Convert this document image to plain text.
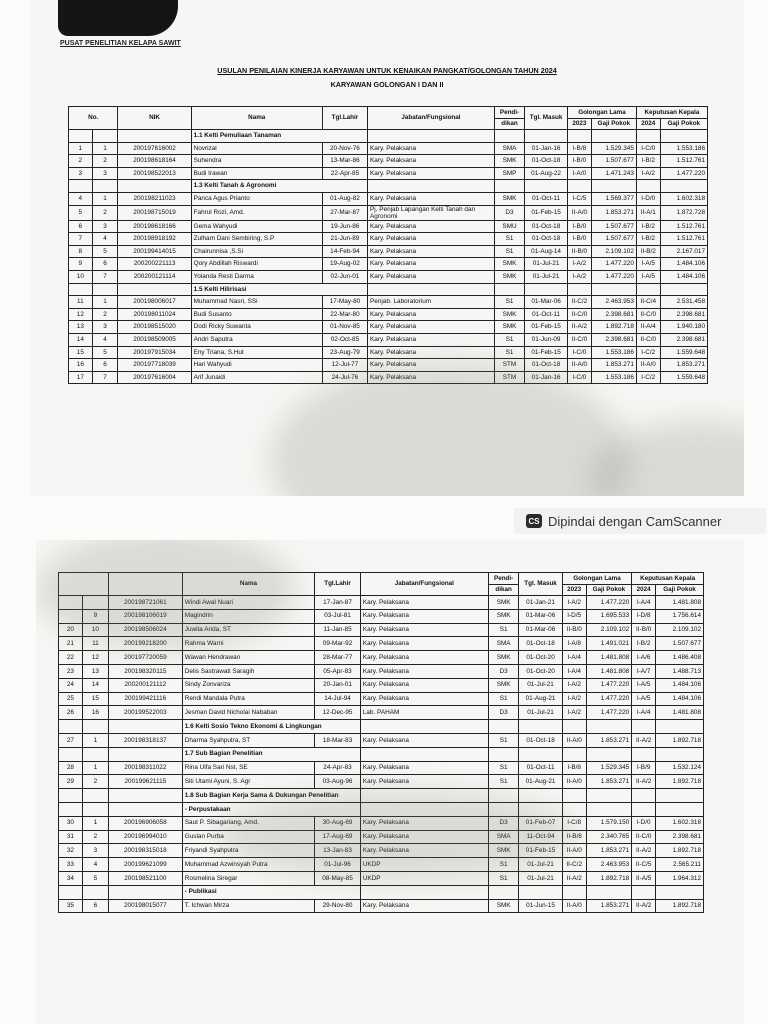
PUSAT PENELITIAN KELAPA SAWIT
USULAN PENILAIAN KINERJA KARYAWAN UNTUK KENAIKAN PANGKAT/GOLONGAN TAHUN 2024
KARYAWAN GOLONGAN I DAN II
No.		NIK	Nama	Tgl.Lahir	Jabatan/Fungsional	Pendi-	Tgl. Masuk	Golongan Lama		Keputusan Kepala	
						dikan		2023	Gaji Pokok	2024	Gaji Pokok
			1.1 Kelti Pemuliaan Tanaman								
1	1	200197616002	Novrizal	20-Nov-76	Kary. Pelaksana	SMA	01-Jan-16	I-B/8	1.529.345	I-C/0	1.553.186
2	2	200198618164	Suhendra	13-Mar-86	Kary. Pelaksana	SMK	01-Oct-18	I-B/0	1.507.677	I-B/2	1.512.761
3	3	200198522013	Budi Irawan	22-Apr-85	Kary. Pelaksana	SMP	01-Aug-22	I-A/0	1.471.243	I-A/2	1.477.220
			1.3 Kelti Tanah & Agronomi								
4	1	200198211023	Panca Agus Prianto	01-Aug-82	Kary. Pelaksana	SMK	01-Oct-11	I-C/5	1.569.377	I-D/0	1.602.318
5	2	200198715019	Fahrul Rozi, Amd.	27-Mar-87	Pj. Penjab Lapangan Kelti Tanah dan Agronomi	D3	01-Feb-15	II-A/0	1.853.271	II-A/1	1.872.728
6	3	200198618166	Gema Wahyudi	19-Jun-86	Kary. Pelaksana	SMU	01-Oct-18	I-B/0	1.507.677	I-B/2	1.512.761
7	4	200198918192	Zulham Dani Sembiring, S.P	21-Jun-89	Kary. Pelaksana	S1	01-Oct-18	I-B/0	1.507.677	I-B/2	1.512.761
8	5	200199414015	Chairunnisa ,S.Si	14-Feb-94	Kary. Pelaksana	S1	01-Aug-14	II-B/0	2.109.102	II-B/2	2.167.017
9	6	200200221113	Qory Abdillah Riswardi	19-Aug-02	Kary. Pelaksana	SMK	01-Jul-21	I-A/2	1.477.220	I-A/5	1.484.106
10	7	200200121114	Yolanda Resti Darma	02-Jun-01	Kary. Pelaksana	SMK	01-Jul-21	I-A/2	1.477.220	I-A/5	1.484.106
			1.5 Kelti Hilirisasi								
11	1	200198006017	Muhammad Nasri, SSi	17-May-80	Penjab. Laboratorium	S1	01-Mar-06	II-C/2	2.463.953	II-C/4	2.531.458
12	2	200198011024	Budi Susanto	22-Mar-80	Kary. Pelaksana	SMK	01-Oct-11	II-C/0	2.398.681	II-C/0	2.398.681
13	3	200198515020	Dodi Ricky Suwanta	01-Nov-85	Kary. Pelaksana	SMK	01-Feb-15	II-A/2	1.892.718	II-A/4	1.940.180
14	4	200198509005	Andri Saputra	02-Oct-85	Kary. Pelaksana	S1	01-Jun-09	II-C/0	2.398.681	II-C/0	2.398.681
15	5	200197915034	Eny Triana, S.Hut	23-Aug-79	Kary. Pelaksana	S1	01-Feb-15	I-C/0	1.553.186	I-C/2	1.559.648
16	6	200197718039	Hari Wahyudi	12-Jul-77	Kary. Pelaksana	STM	01-Oct-18	II-A/0	1.853.271	II-A/0	1.853.271
17	7	200197616004	Arif Junaidi	24-Jul-76	Kary. Pelaksana	STM	01-Jan-16	I-C/0	1.553.186	I-C/2	1.559.648
CS Dipindai dengan CamScanner
			Nama	Tgl.Lahir	Jabatan/Fungsional	Pendi-	Tgl. Masuk	Golongan Lama		Keputusan Kepala	
						dikan		2023	Gaji Pokok	2024	Gaji Pokok
		200198721061	Windi Awal Nuari	17-Jan-87	Kary. Pelaksana	SMK	01-Jan-21	I-A/2	1.477.220	I-A/4	1.481.808
	9	200198106019	Magindrin	03-Jul-81	Kary. Pelaksana	SMK	01-Mar-06	I-D/5	1.695.533	I-D/8	1.756.614
20	10	200198506024	Juwita Arida, ST	11-Jan-85	Kary. Pelaksana	S1	01-Mar-06	II-B/0	2.109.102	II-B/0	2.109.102
21	11	200199218200	Rahma Warni	09-Mar-92	Kary. Pelaksana	SMA	01-Oct-18	I-A/8	1.491.021	I-B/2	1.507.677
22	12	200197720059	Wawan Hendrawan	28-Mar-77	Kary. Pelaksana	SMK	01-Oct-20	I-A/4	1.481.808	I-A/6	1.486.408
23	13	200198320115	Delis Sastrawati Saragih	05-Apr-83	Kary. Pelaksana	D3	01-Oct-20	I-A/4	1.481.808	I-A/7	1.488.713
24	14	200200121112	Sindy Zonvariza	20-Jan-01	Kary. Pelaksana	SMK	01-Jul-21	I-A/2	1.477.220	I-A/5	1.484.106
25	15	200199421116	Rendi Mandala Putra	14-Jul-94	Kary. Pelaksana	S1	01-Aug-21	I-A/2	1.477.220	I-A/5	1.484.106
26	16	200199522003	Jesman David Nicholai Nababan	12-Dec-95	Lab. PAHAM	D3	01-Jul-21	I-A/2	1.477.220	I-A/4	1.481.808
			1.6 Kelti Sosio Tekno Ekonomi & Lingkungan								
27	1	200198318137	Dharma Syahputra, ST	18-Mar-83	Kary. Pelaksana	S1	01-Oct-18	II-A/0	1.853.271	II-A/2	1.892.718
			1.7 Sub Bagian Penelitian								
28	1	200198311022	Rina Ulfa Sari Nst, SE	24-Apr-83	Kary. Pelaksana	S1	01-Oct-11	I-B/8	1.529.345	I-B/9	1.532.124
29	2	200199621115	Siti Utami Ayuni, S. Agr	03-Aug-96	Kary. Pelaksana	S1	01-Aug-21	II-A/0	1.853.271	II-A/2	1.892.718
			1.8 Sub Bagian Kerja Sama & Dukungan Penelitian								
			- Perpustakaan								
30	1	200196906058	Saut P. Sibagariang, Amd.	30-Aug-69	Kary. Pelaksana	D3	01-Feb-07	I-C/8	1.579.150	I-D/0	1.602.318
31	2	200196994010	Guslan Purba	17-Aug-69	Kary. Pelaksana	SMA	11-Oct-94	II-B/8	2.340.765	II-C/0	2.398.681
32	3	200198315018	Friyandi Syahputra	13-Jan-83	Kary. Pelaksana	SMK	01-Feb-15	II-A/0	1.853.271	II-A/2	1.892.718
33	4	200199621099	Muhammad Azwinsyah Putra	01-Jul-96	UKDP	S1	01-Jul-21	II-C/2	2.463.953	II-C/5	2.565.211
34	5	200198521100	Rosmelina Siregar	08-May-85	UKDP	S1	01-Jul-21	II-A/2	1.892.718	II-A/5	1.964.312
			- Publikasi								
35	6	200198015077	T. Ichwan Mirza	29-Nov-80	Kary. Pelaksana	SMK	01-Jun-15	II-A/0	1.853.271	II-A/2	1.892.718
